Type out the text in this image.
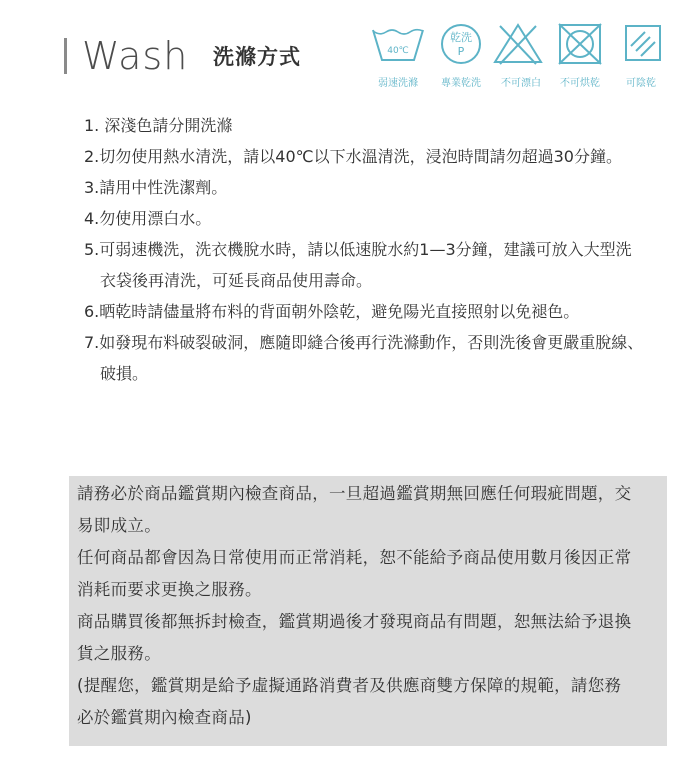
Wash 洗滌方式	40℃
乾洗
P
弱速洗滌 專業乾洗 不可漂白 不可烘乾	可陰乾
1. 深淺色請分開洗滌
2.切勿使用熱水清洗，請以40℃以下水溫清洗，浸泡時間請勿超過30分鐘。
3.請用中性洗潔劑。
4.勿使用漂白水。
5.可弱速機洗，洗衣機脫水時，請以低速脫水約1—3分鐘，建議可放入大型洗衣袋後再清洗，可延長商品使用壽命。
6.晒乾時請儘量將布料的背面朝外陰乾，避免陽光直接照射以免褪色。
7.如發現布料破裂破洞，應隨即縫合後再行洗滌動作，否則洗後會更嚴重脫線、破損。

請務必於商品鑑賞期內檢查商品，一旦超過鑑賞期無回應任何瑕疵問題，交易即成立。

任何商品都會因為日常使用而正常消耗，恕不能給予商品使用數月後因正常消耗而要求更換之服務。

商品購買後都無拆封檢查，鑑賞期過後才發現商品有問題，恕無法給予退換貨之服務。

(提醒您，鑑賞期是給予虛擬通路消費者及供應商雙方保障的規範，請您務必於鑑賞期內檢查商品)
